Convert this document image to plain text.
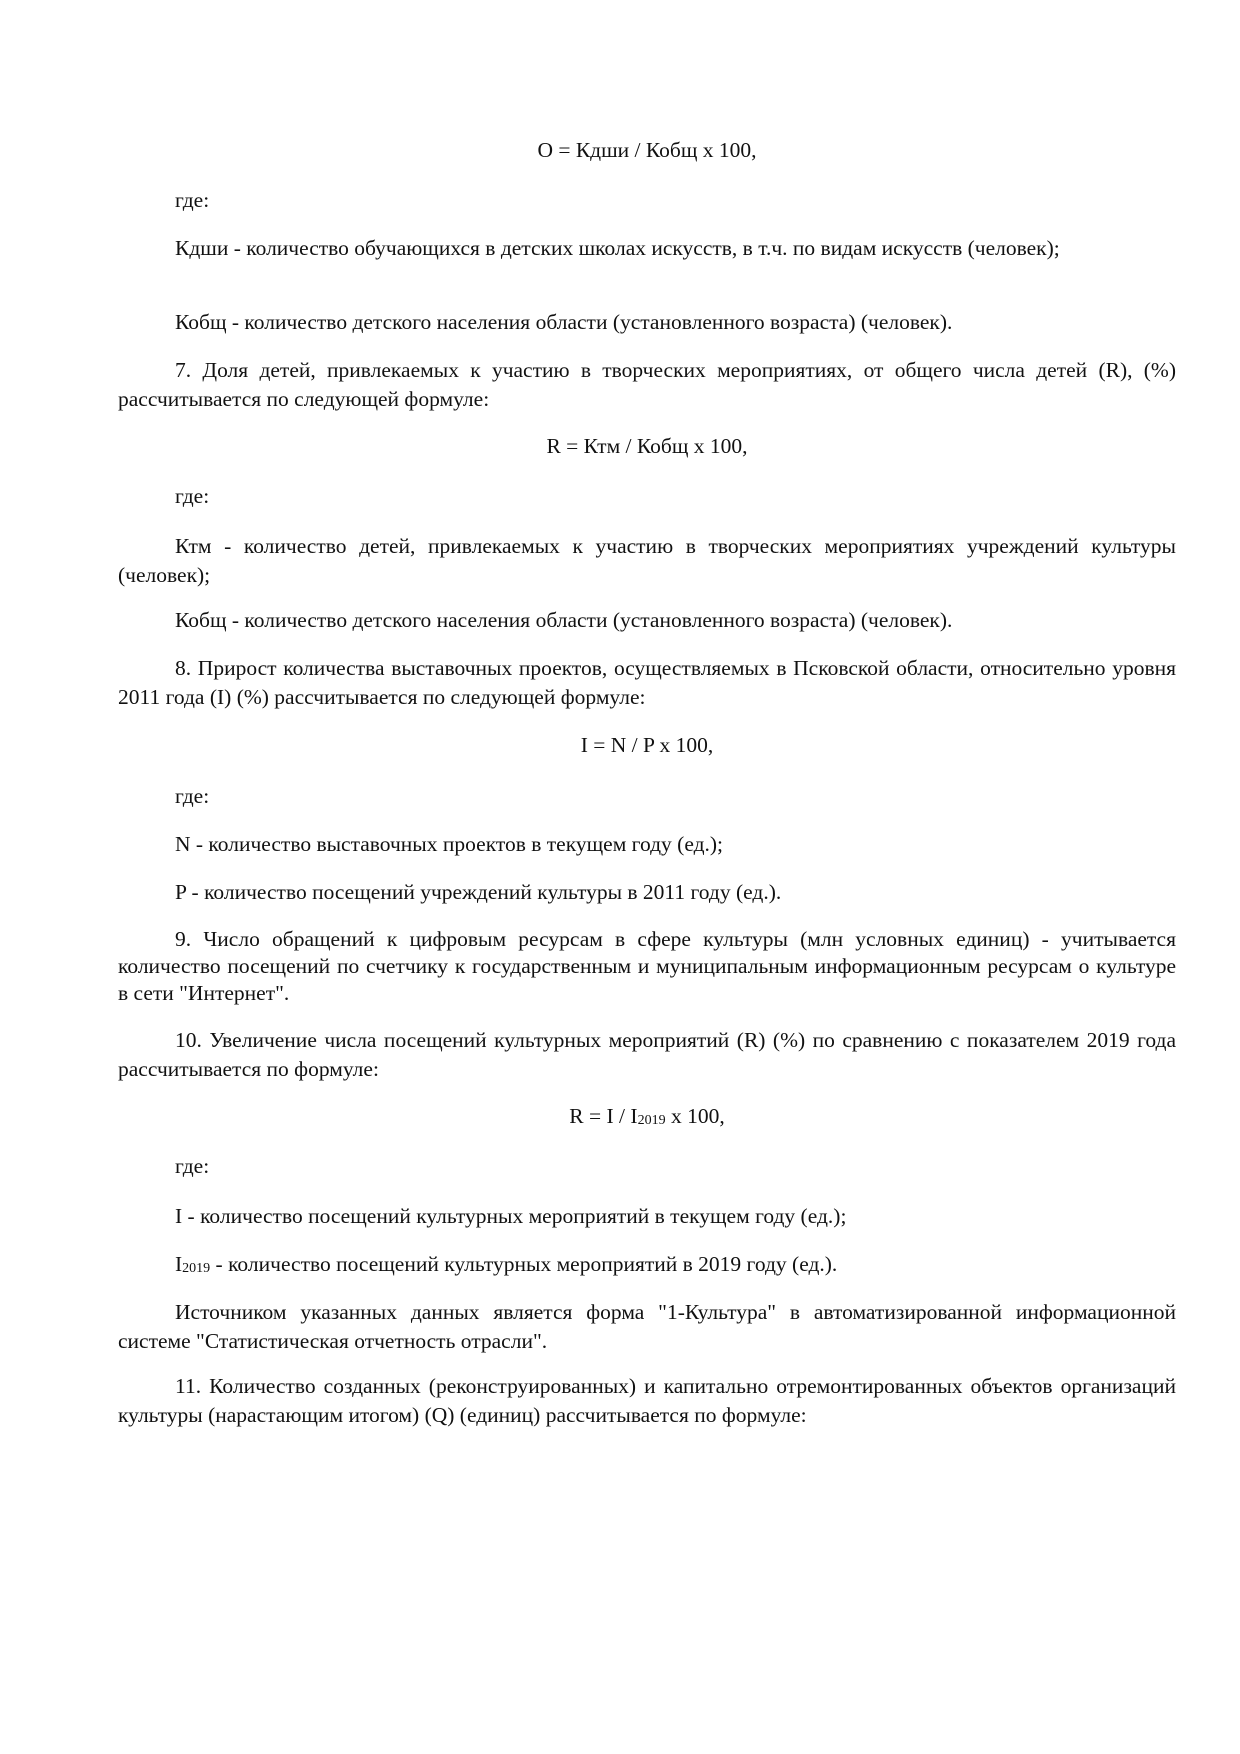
O = Кдши / Кобщ x 100,
где:
Кдши - количество обучающихся в детских школах искусств, в т.ч. по видам искусств (человек);
Кобщ - количество детского населения области (установленного возраста) (человек).
7. Доля детей, привлекаемых к участию в творческих мероприятиях, от общего числа детей (R), (%) рассчитывается по следующей формуле:
R = Ктм / Кобщ x 100,
где:
Ктм - количество детей, привлекаемых к участию в творческих мероприятиях учреждений культуры (человек);
Кобщ - количество детского населения области (установленного возраста) (человек).
8. Прирост количества выставочных проектов, осуществляемых в Псковской области, относительно уровня 2011 года (I) (%) рассчитывается по следующей формуле:
I = N / P x 100,
где:
N - количество выставочных проектов в текущем году (ед.);
P - количество посещений учреждений культуры в 2011 году (ед.).
9. Число обращений к цифровым ресурсам в сфере культуры (млн условных единиц) - учитывается количество посещений по счетчику к государственным и муниципальным информационным ресурсам о культуре в сети "Интернет".
10. Увеличение числа посещений культурных мероприятий (R) (%) по сравнению с показателем 2019 года рассчитывается по формуле:
$R = I / I_{2019}$ x 100,
где:
I - количество посещений культурных мероприятий в текущем году (ед.);
$I_{2019}$ - количество посещений культурных мероприятий в 2019 году (ед.).
Источником указанных данных является форма "1-Культура" в автоматизированной информационной системе "Статистическая отчетность отрасли".
11. Количество созданных (реконструированных) и капитально отремонтированных объектов организаций культуры (нарастающим итогом) (Q) (единиц) рассчитывается по формуле:
